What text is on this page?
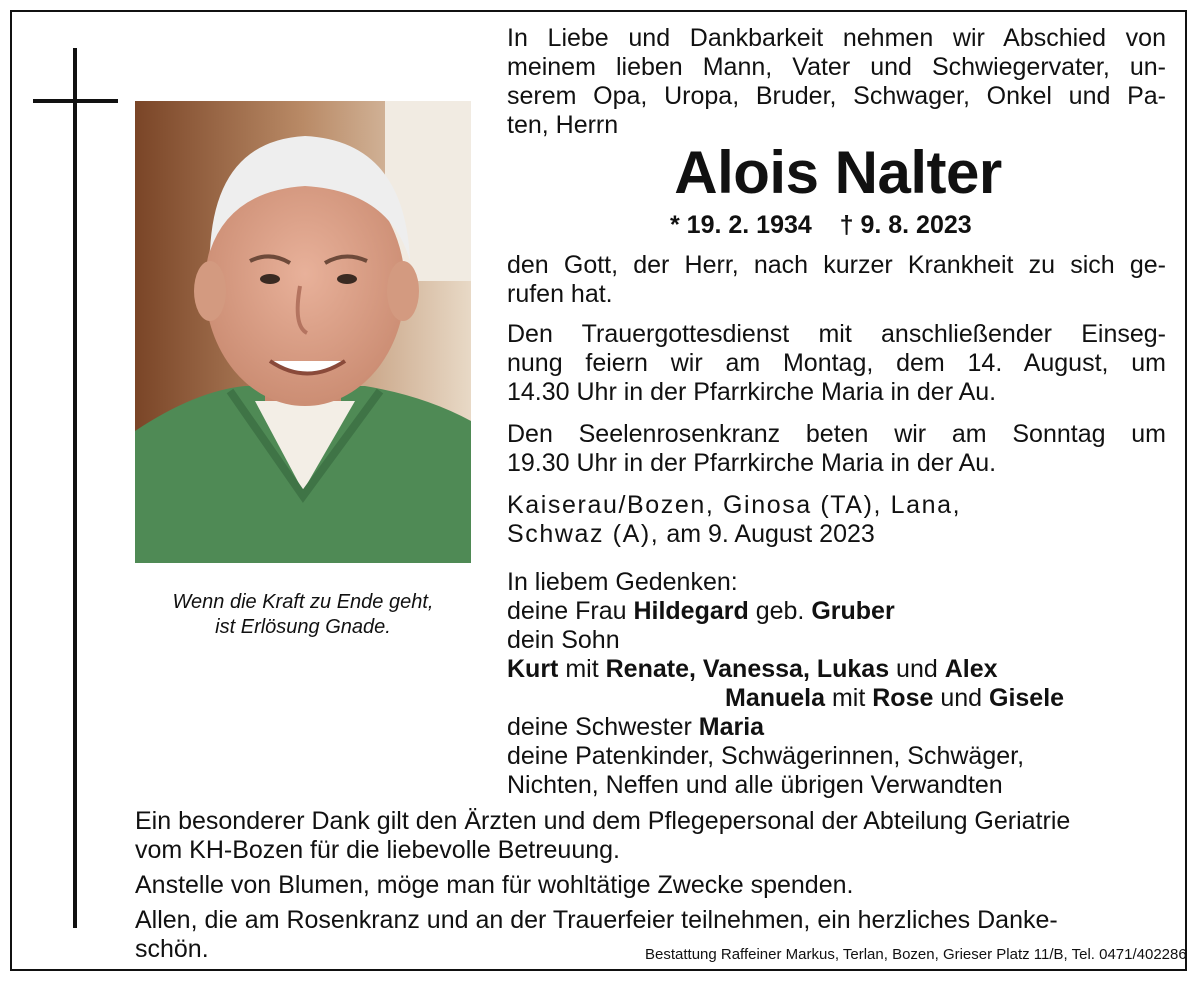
Wenn die Kraft zu Ende geht,
ist Erlösung Gnade.
In Liebe und Dankbarkeit nehmen wir Abschied von
meinem lieben Mann, Vater und Schwiegervater, un-
serem Opa, Uropa, Bruder, Schwager, Onkel und Pa-
ten, Herrn
Alois Nalter
* 19. 2. 1934 † 9. 8. 2023
den Gott, der Herr, nach kurzer Krankheit zu sich ge-
rufen hat.
Den Trauergottesdienst mit anschließender Einseg-
nung feiern wir am Montag, dem 14. August, um
14.30 Uhr in der Pfarrkirche Maria in der Au.
Den Seelenrosenkranz beten wir am Sonntag um
19.30 Uhr in der Pfarrkirche Maria in der Au.
Kaiserau/Bozen, Ginosa (TA), Lana,
Schwaz (A), am 9. August 2023
In liebem Gedenken:
deine Frau Hildegard geb. Gruber
dein Sohn
Kurt mit Renate, Vanessa, Lukas und Alex
Manuela mit Rose und Gisele
deine Schwester Maria
deine Patenkinder, Schwägerinnen, Schwäger,
Nichten, Neffen und alle übrigen Verwandten
Ein besonderer Dank gilt den Ärzten und dem Pflegepersonal der Abteilung Geriatrie
vom KH-Bozen für die liebevolle Betreuung.
Anstelle von Blumen, möge man für wohltätige Zwecke spenden.
Allen, die am Rosenkranz und an der Trauerfeier teilnehmen, ein herzliches Danke-
schön.	Bestattung Raffeiner Markus, Terlan, Bozen, Grieser Platz 11/B, Tel. 0471/402286
